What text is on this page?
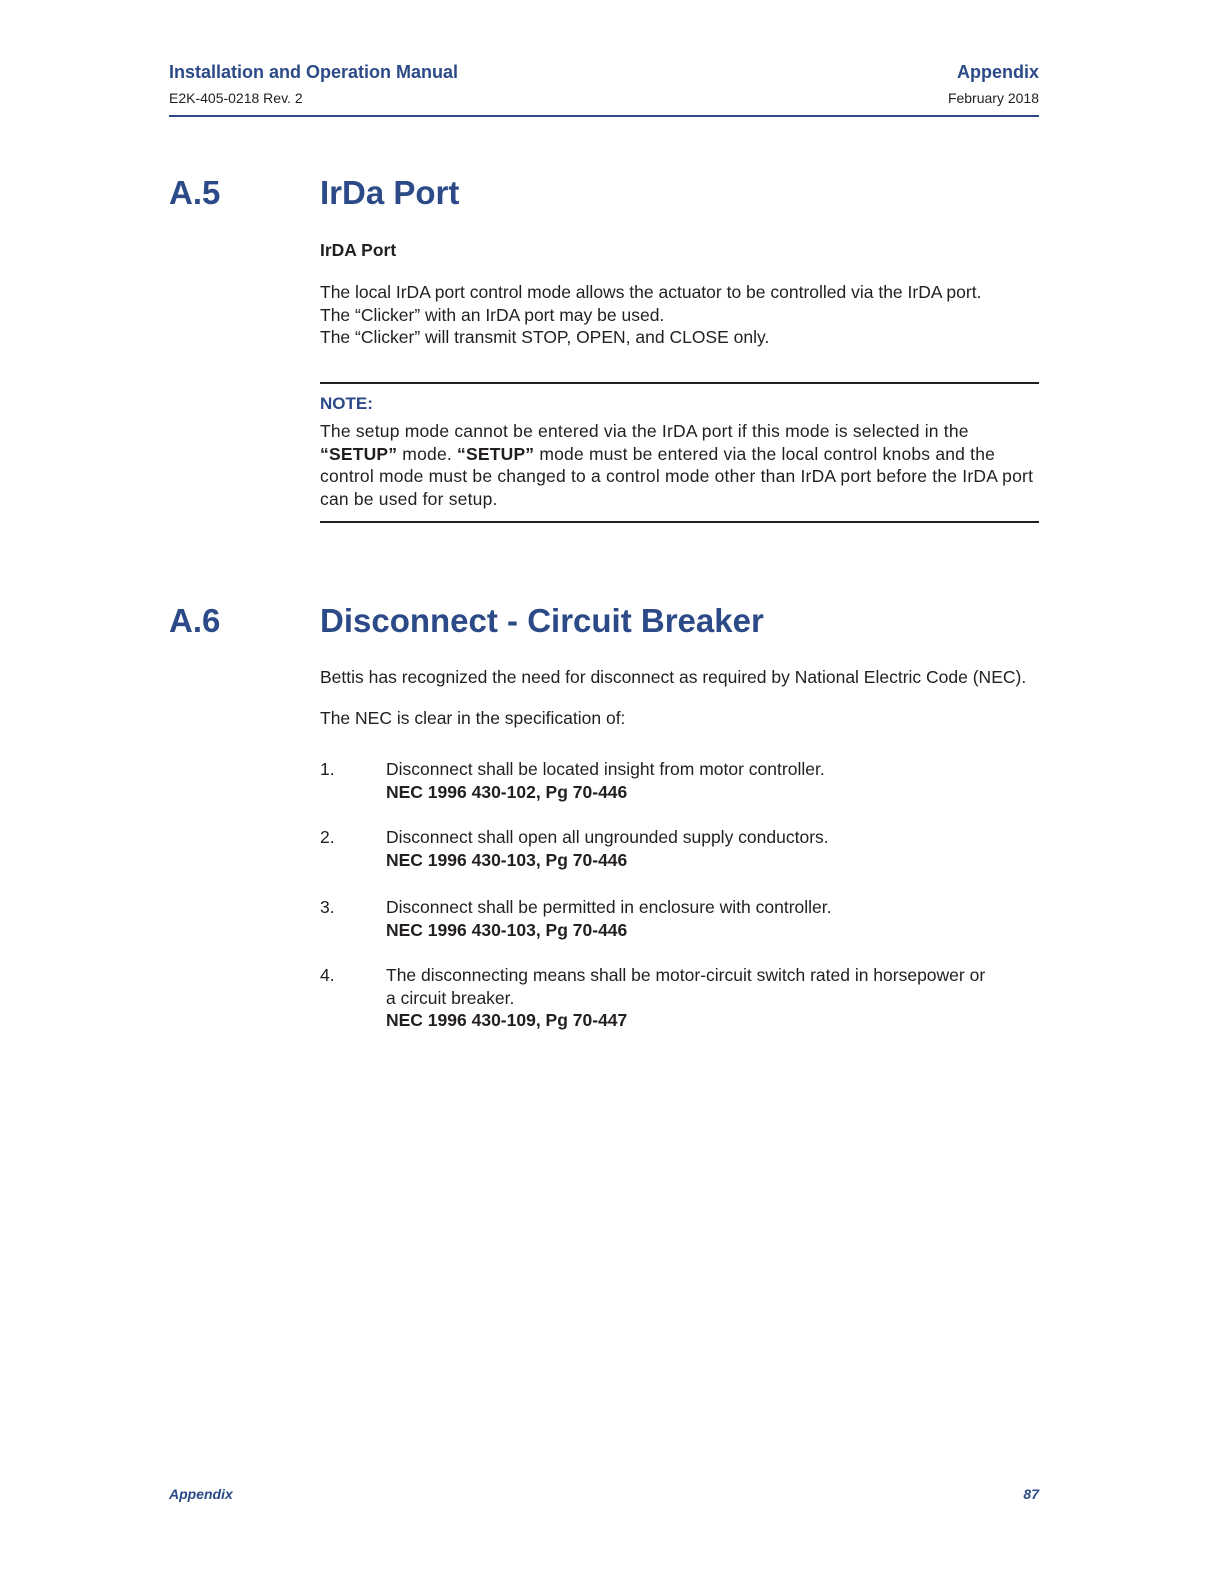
Installation and Operation Manual
E2K-405-0218 Rev. 2
Appendix
February 2018
A.5	IrDa Port
IrDA Port
The local IrDA port control mode allows the actuator to be controlled via the IrDA port.
The “Clicker” with an IrDA port may be used.
The “Clicker” will transmit STOP, OPEN, and CLOSE only.
NOTE:
The setup mode cannot be entered via the IrDA port if this mode is selected in the
“SETUP” mode. “SETUP” mode must be entered via the local control knobs and the control mode must be changed to a control mode other than IrDA port before the IrDA port can be used for setup.
A.6	Disconnect - Circuit Breaker
Bettis has recognized the need for disconnect as required by National Electric Code (NEC).
The NEC is clear in the specification of:
1.	Disconnect shall be located insight from motor controller.
NEC 1996 430-102, Pg 70-446
2.	Disconnect shall open all ungrounded supply conductors.
NEC 1996 430-103, Pg 70-446
3.	Disconnect shall be permitted in enclosure with controller.
NEC 1996 430-103, Pg 70-446
4.	The disconnecting means shall be motor-circuit switch rated in horsepower or a circuit breaker.
NEC 1996 430-109, Pg 70-447
Appendix	87
